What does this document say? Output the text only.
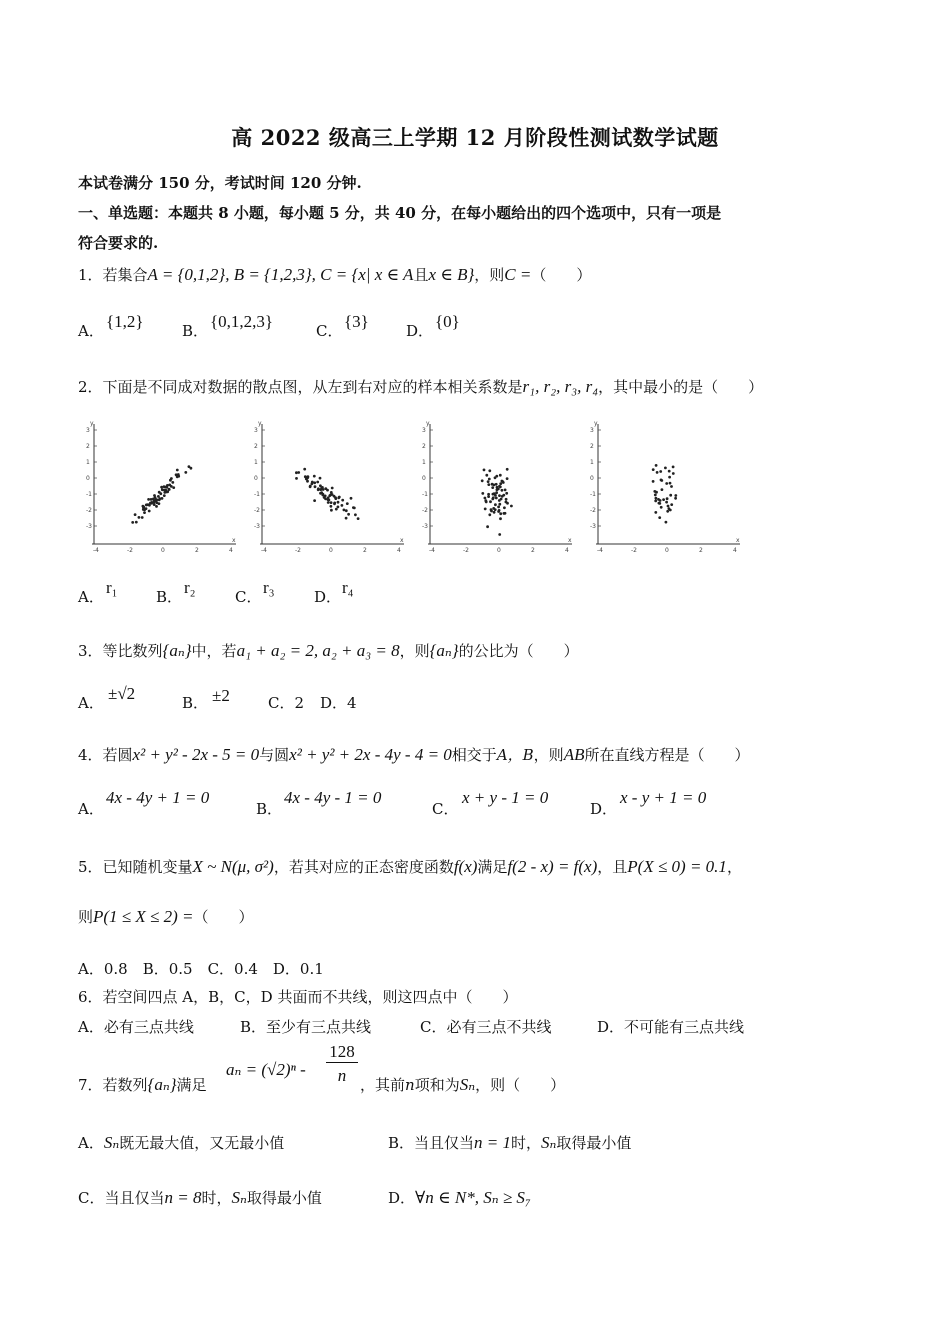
高 2022 级高三上学期 12 月阶段性测试数学试题
本试卷满分 150 分，考试时间 120 分钟.
一、单选题：本题共 8 小题，每小题 5 分，共 40 分，在每小题给出的四个选项中，只有一项是
符合要求的.
1．若集合A = {0,1,2}, B = {1,2,3}, C = {x| x ∈ A且x ∈ B}，则C =（　　）
A． {1,2}	B． {0,1,2,3}	C． {3} D． {0}
2．下面是不同成对数据的散点图，从左到右对应的样本相关系数是r₁, r₂, r₃, r₄，其中最小的是（　　）
3
2
1
0
-1
-2
-3
-4	-2	0	2	4
x
y
3
2
1
0
-1
-2
-3
-4	-2	0	2	4
x
y
3
2
1
0
-1
-2
-3
-4	-2	0	2	4
x
y
3
2
1
0
-1
-2
-3
-4	-2	0	2	4
x
y
A． r₁	B． r₂	C． r₃	D． r₄
3．等比数列{aₙ}中，若a₁ + a₂ = 2, a₂ + a₃ = 8，则{aₙ}的公比为（　　）
A． ±√2	B． ±2	C．2 D．4
4．若圆x² + y² - 2x - 5 = 0与圆x² + y² + 2x - 4y - 4 = 0相交于A，B，则AB所在直线方程是（　　）
A．
4x - 4y + 1 = 0
B．
4x - 4y - 1 = 0
C．
x + y - 1 = 0
D．
x - y + 1 = 0
5．已知随机变量X ~ N(μ, σ²)，若其对应的正态密度函数f(x)满足f(2 - x) = f(x)，且P(X ≤ 0) = 0.1，
则P(1 ≤ X ≤ 2) =（　　）
A．0.8　B．0.5　C．0.4　D．0.1
6．若空间四点 A，B，C，D 共面而不共线，则这四点中（　　）
A．必有三点共线	B．至少有三点共线	C．必有三点不共线	D．不可能有三点共线
7．若数列{aₙ}满足
aₙ = (√2)ⁿ -
128
n ，其前n项和为Sₙ，则（　　）
A．Sₙ既无最大值，又无最小值	B．当且仅当n = 1时，Sₙ取得最小值
C．当且仅当n = 8时，Sₙ取得最小值	D．∀n ∈ N*, Sₙ ≥ S₇
